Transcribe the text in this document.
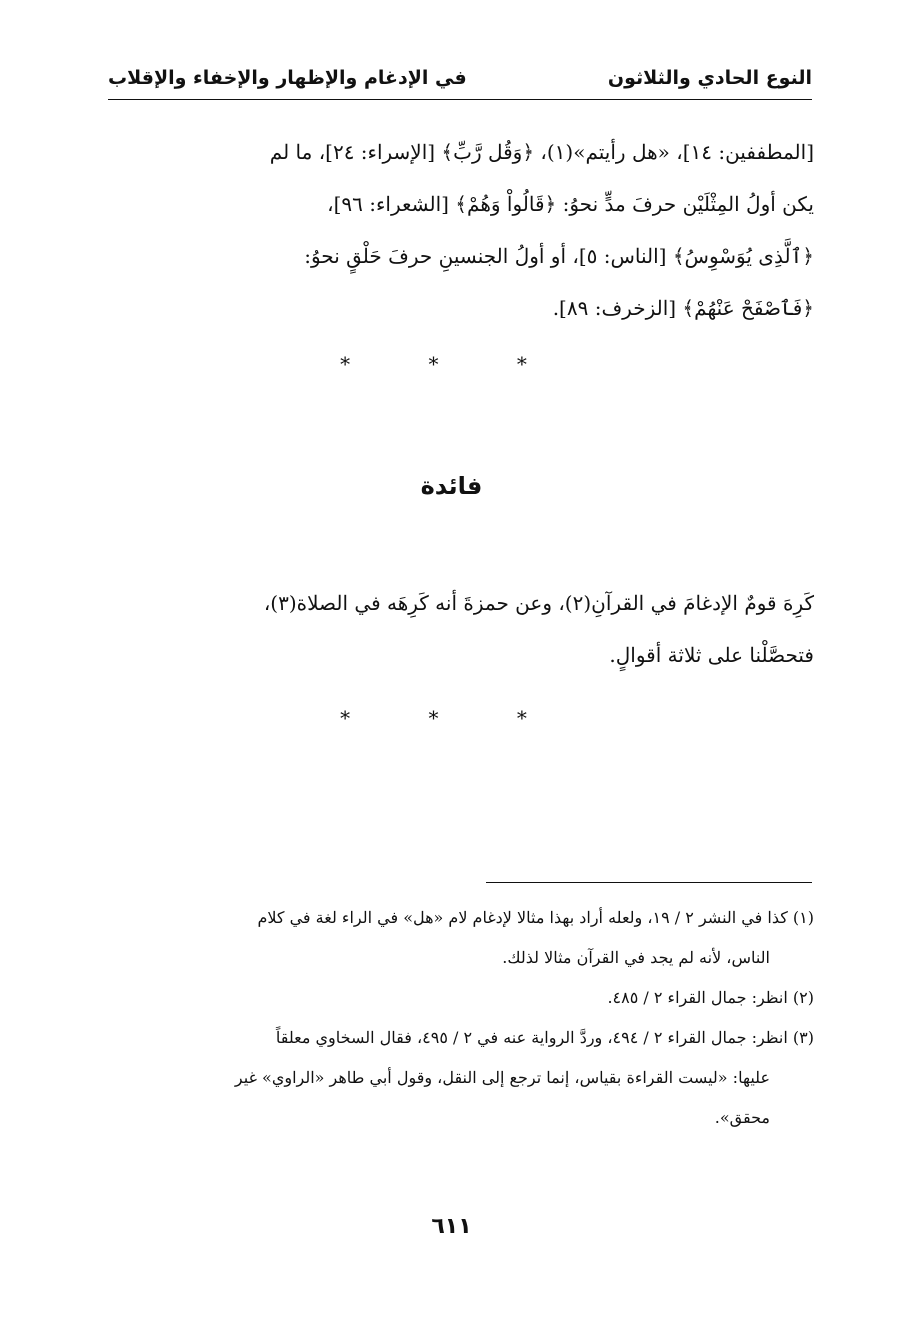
النوع الحادي والثلاثون
في الإدغام والإظهار والإخفاء والإقلاب
[المطففين: ١٤]، «هل رأيتم»(١)، ﴿وَقُل رَّبِّ﴾ [الإسراء: ٢٤]، ما لم
يكن أولُ المِثْلَيْن حرفَ مدٍّ نحوُ: ﴿قَالُواْ وَهُمْ﴾ [الشعراء: ٩٦]،
﴿ٱلَّذِى يُوَسْوِسُ﴾ [الناس: ٥]، أو أولُ الجنسينِ حرفَ حَلْقٍ نحوُ:
﴿فَٱصْفَحْ عَنْهُمْ﴾ [الزخرف: ٨٩].
* * *
فائدة
كَرِهَ قومٌ الإدغامَ في القرآنِ(٢)، وعن حمزةَ أنه كَرِهَه في الصلاة(٣)،
فتحصَّلْنا على ثلاثة أقوالٍ.
* * *
(١) كذا في النشر ٢ / ١٩، ولعله أراد بهذا مثالا لإدغام لام «هل» في الراء لغة في كلام
الناس، لأنه لم يجد في القرآن مثالا لذلك.
(٢) انظر: جمال القراء ٢ / ٤٨٥.
(٣) انظر: جمال القراء ٢ / ٤٩٤، وردَّ الرواية عنه في ٢ / ٤٩٥، فقال السخاوي معلقاً
عليها: «ليست القراءة بقياس، إنما ترجع إلى النقل، وقول أبي طاهر «الراوي» غير
محقق».
٦١١
